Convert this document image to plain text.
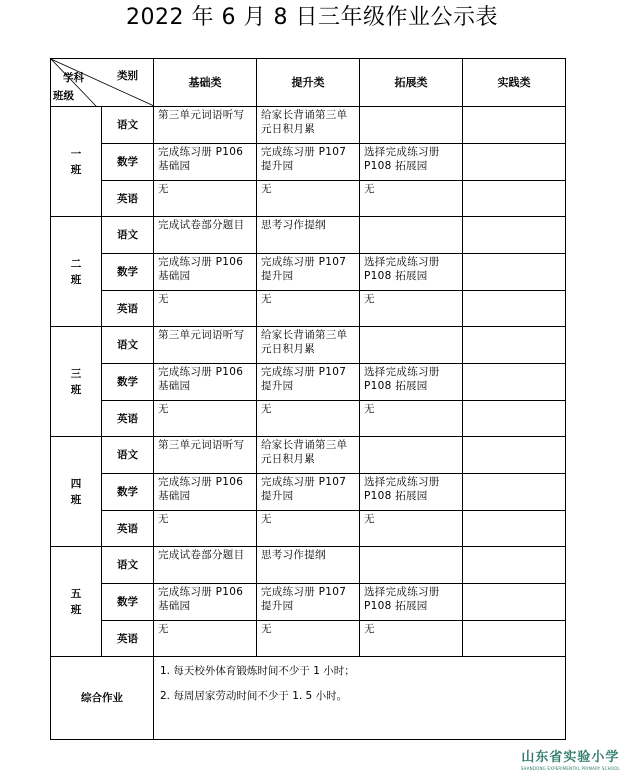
2022 年 6 月 8 日三年级作业公示表
学科 类别
班级		基础类	提升类	拓展类	实践类

一
班	语文	第三单元词语听写	给家长背诵第三单元日积月累		
	数学	完成练习册 P106 基础园	完成练习册 P107 提升园	选择完成练习册 P108 拓展园	
	英语	无	无	无	

二
班	语文	完成试卷部分题目	思考习作提纲		
	数学	完成练习册 P106 基础园	完成练习册 P107 提升园	选择完成练习册 P108 拓展园	
	英语	无	无	无	

三
班	语文	第三单元词语听写	给家长背诵第三单元日积月累		
	数学	完成练习册 P106 基础园	完成练习册 P107 提升园	选择完成练习册 P108 拓展园	
	英语	无	无	无	

四
班	语文	第三单元词语听写	给家长背诵第三单元日积月累		
	数学	完成练习册 P106 基础园	完成练习册 P107 提升园	选择完成练习册 P108 拓展园	
	英语	无	无	无	

五
班	语文	完成试卷部分题目	思考习作提纲		
	数学	完成练习册 P106 基础园	完成练习册 P107 提升园	选择完成练习册 P108 拓展园	
	英语	无	无	无	
综合作业		1. 每天校外体育锻炼时间不少于 1 小时；
2. 每周居家劳动时间不少于 1. 5 小时。			
山东省实验小学
SHANDONG EXPERIMENTAL PRIMARY SCHOOL
